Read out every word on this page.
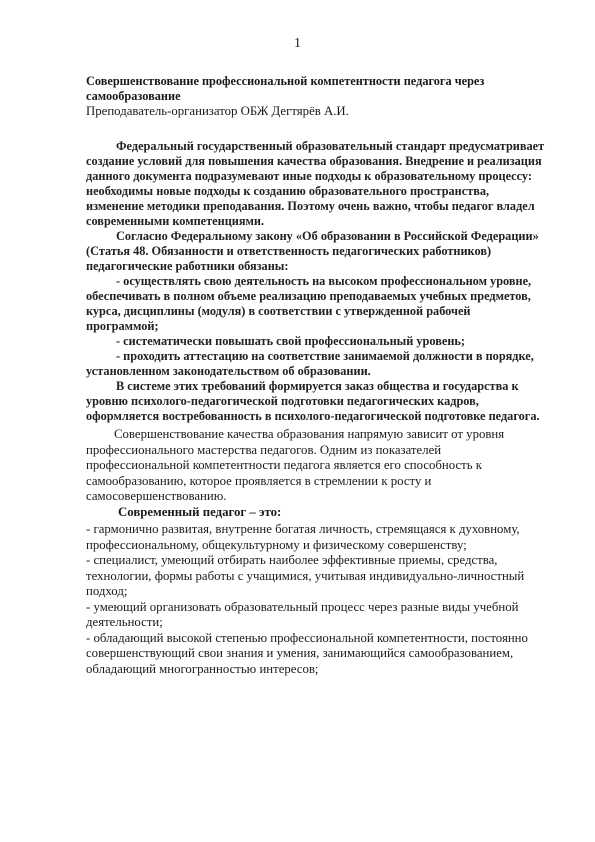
1

Совершенствование профессиональной компетентности педагога через самообразование

Преподаватель-организатор ОБЖ Дегтярёв А.И.

Федеральный государственный образовательный стандарт предусматривает создание условий для повышения качества образования. Внедрение и реализация данного документа подразумевают иные подходы к образовательному процессу: необходимы новые подходы к созданию образовательного пространства, изменение методики преподавания. Поэтому очень важно, чтобы педагог владел современными компетенциями.

Согласно Федеральному закону «Об образовании в Российской Федерации» (Статья 48. Обязанности и ответственность педагогических работников) педагогические работники обязаны:

- осуществлять свою деятельность на высоком профессиональном уровне, обеспечивать в полном объеме реализацию преподаваемых учебных предметов, курса, дисциплины (модуля) в соответствии с утвержденной рабочей программой;

- систематически повышать свой профессиональный уровень;

- проходить аттестацию на соответствие занимаемой должности в порядке, установленном законодательством об образовании.

В системе этих требований формируется заказ общества и государства к уровню психолого-педагогической подготовки педагогических кадров, оформляется востребованность в психолого-педагогической подготовке педагога.

Совершенствование качества образования напрямую зависит от уровня профессионального мастерства педагогов. Одним из показателей профессиональной компетентности педагога является его способность к самообразованию, которое проявляется в стремлении к росту и самосовершенствованию.

Современный педагог – это:

- гармонично развитая, внутренне богатая личность, стремящаяся к духовному, профессиональному, общекультурному и физическому совершенству;

- специалист, умеющий отбирать наиболее эффективные приемы, средства, технологии, формы работы с учащимися, учитывая индивидуально-личностный подход;

- умеющий организовать образовательный процесс через разные виды учебной деятельности;

- обладающий высокой степенью профессиональной компетентности, постоянно совершенствующий свои знания и умения, занимающийся самообразованием, обладающий многогранностью интересов;
